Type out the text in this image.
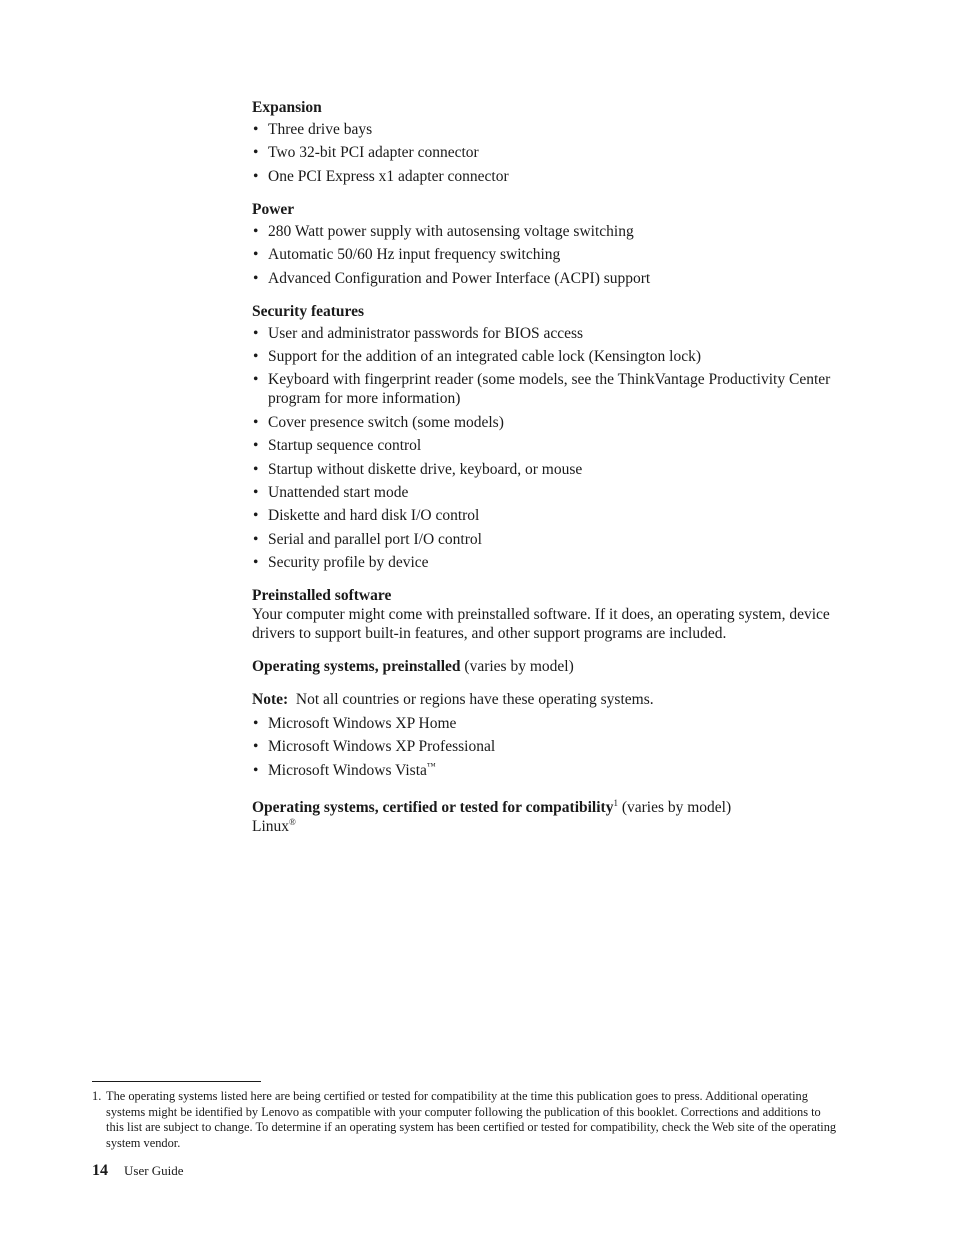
Expansion
• Three drive bays
• Two 32-bit PCI adapter connector
• One PCI Express x1 adapter connector
Power
• 280 Watt power supply with autosensing voltage switching
• Automatic 50/60 Hz input frequency switching
• Advanced Configuration and Power Interface (ACPI) support
Security features
• User and administrator passwords for BIOS access
• Support for the addition of an integrated cable lock (Kensington lock)
• Keyboard with fingerprint reader (some models, see the ThinkVantage Productivity Center program for more information)
• Cover presence switch (some models)
• Startup sequence control
• Startup without diskette drive, keyboard, or mouse
• Unattended start mode
• Diskette and hard disk I/O control
• Serial and parallel port I/O control
• Security profile by device
Preinstalled software

Your computer might come with preinstalled software. If it does, an operating system, device drivers to support built-in features, and other support programs are included.

Operating systems, preinstalled (varies by model)
Note:  Not all countries or regions have these operating systems.
• Microsoft Windows XP Home
• Microsoft Windows XP Professional
• Microsoft Windows Vista™
Operating systems, certified or tested for compatibility$^1$ (varies by model)
Linux®
1. The operating systems listed here are being certified or tested for compatibility at the time this publication goes to press. Additional operating systems might be identified by Lenovo as compatible with your computer following the publication of this booklet. Corrections and additions to this list are subject to change. To determine if an operating system has been certified or tested for compatibility, check the Web site of the operating system vendor.
14 User Guide
